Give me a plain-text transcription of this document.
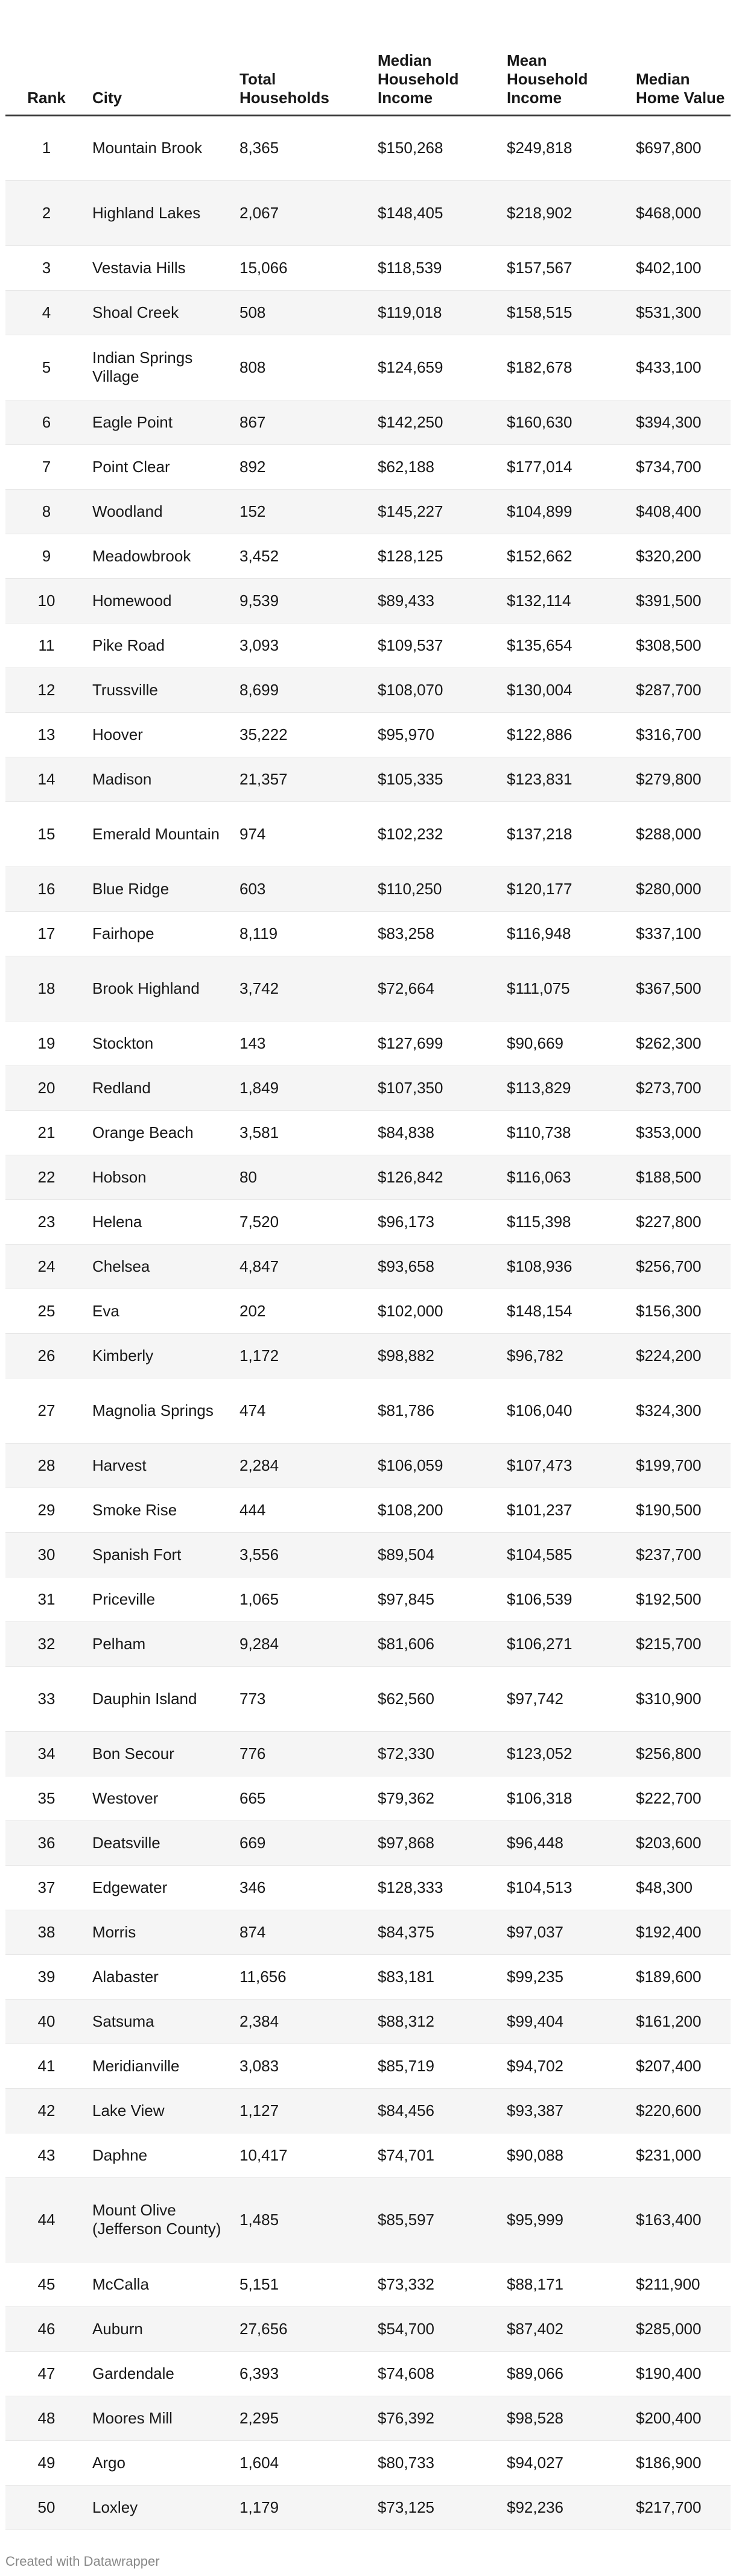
Rank	City	Total Households	Median Household Income	Mean Household Income	Median Home Value
1	Mountain Brook	8,365	$150,268	$249,818	$697,800
2	Highland Lakes	2,067	$148,405	$218,902	$468,000
3	Vestavia Hills	15,066	$118,539	$157,567	$402,100
4	Shoal Creek	508	$119,018	$158,515	$531,300
5	Indian Springs Village	808	$124,659	$182,678	$433,100
6	Eagle Point	867	$142,250	$160,630	$394,300
7	Point Clear	892	$62,188	$177,014	$734,700
8	Woodland	152	$145,227	$104,899	$408,400
9	Meadowbrook	3,452	$128,125	$152,662	$320,200
10	Homewood	9,539	$89,433	$132,114	$391,500
11	Pike Road	3,093	$109,537	$135,654	$308,500
12	Trussville	8,699	$108,070	$130,004	$287,700
13	Hoover	35,222	$95,970	$122,886	$316,700
14	Madison	21,357	$105,335	$123,831	$279,800
15	Emerald Mountain	974	$102,232	$137,218	$288,000
16	Blue Ridge	603	$110,250	$120,177	$280,000
17	Fairhope	8,119	$83,258	$116,948	$337,100
18	Brook Highland	3,742	$72,664	$111,075	$367,500
19	Stockton	143	$127,699	$90,669	$262,300
20	Redland	1,849	$107,350	$113,829	$273,700
21	Orange Beach	3,581	$84,838	$110,738	$353,000
22	Hobson	80	$126,842	$116,063	$188,500
23	Helena	7,520	$96,173	$115,398	$227,800
24	Chelsea	4,847	$93,658	$108,936	$256,700
25	Eva	202	$102,000	$148,154	$156,300
26	Kimberly	1,172	$98,882	$96,782	$224,200
27	Magnolia Springs	474	$81,786	$106,040	$324,300
28	Harvest	2,284	$106,059	$107,473	$199,700
29	Smoke Rise	444	$108,200	$101,237	$190,500
30	Spanish Fort	3,556	$89,504	$104,585	$237,700
31	Priceville	1,065	$97,845	$106,539	$192,500
32	Pelham	9,284	$81,606	$106,271	$215,700
33	Dauphin Island	773	$62,560	$97,742	$310,900
34	Bon Secour	776	$72,330	$123,052	$256,800
35	Westover	665	$79,362	$106,318	$222,700
36	Deatsville	669	$97,868	$96,448	$203,600
37	Edgewater	346	$128,333	$104,513	$48,300
38	Morris	874	$84,375	$97,037	$192,400
39	Alabaster	11,656	$83,181	$99,235	$189,600
40	Satsuma	2,384	$88,312	$99,404	$161,200
41	Meridianville	3,083	$85,719	$94,702	$207,400
42	Lake View	1,127	$84,456	$93,387	$220,600
43	Daphne	10,417	$74,701	$90,088	$231,000
44	Mount Olive (Jefferson County)	1,485	$85,597	$95,999	$163,400
45	McCalla	5,151	$73,332	$88,171	$211,900
46	Auburn	27,656	$54,700	$87,402	$285,000
47	Gardendale	6,393	$74,608	$89,066	$190,400
48	Moores Mill	2,295	$76,392	$98,528	$200,400
49	Argo	1,604	$80,733	$94,027	$186,900
50	Loxley	1,179	$73,125	$92,236	$217,700
Created with Datawrapper
